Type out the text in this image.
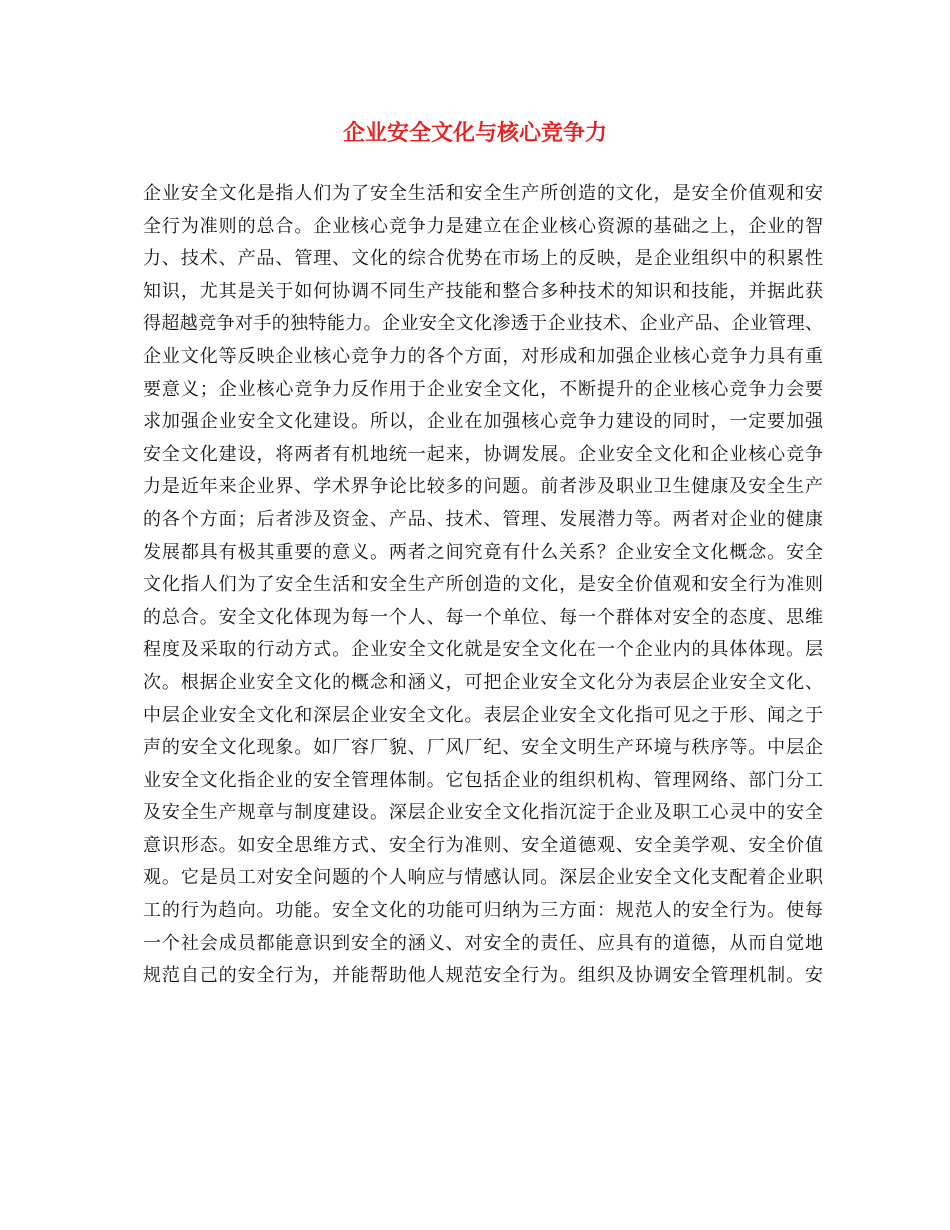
企业安全文化与核心竞争力
企业安全文化是指人们为了安全生活和安全生产所创造的文化，是安全价值观和安
全行为准则的总合。企业核心竞争力是建立在企业核心资源的基础之上，企业的智
力、技术、产品、管理、文化的综合优势在市场上的反映，是企业组织中的积累性
知识，尤其是关于如何协调不同生产技能和整合多种技术的知识和技能，并据此获
得超越竞争对手的独特能力。企业安全文化渗透于企业技术、企业产品、企业管理、
企业文化等反映企业核心竞争力的各个方面，对形成和加强企业核心竞争力具有重
要意义；企业核心竞争力反作用于企业安全文化，不断提升的企业核心竞争力会要
求加强企业安全文化建设。所以，企业在加强核心竞争力建设的同时，一定要加强
安全文化建设，将两者有机地统一起来，协调发展。企业安全文化和企业核心竞争
力是近年来企业界、学术界争论比较多的问题。前者涉及职业卫生健康及安全生产
的各个方面；后者涉及资金、产品、技术、管理、发展潜力等。两者对企业的健康
发展都具有极其重要的意义。两者之间究竟有什么关系？企业安全文化概念。安全
文化指人们为了安全生活和安全生产所创造的文化，是安全价值观和安全行为准则
的总合。安全文化体现为每一个人、每一个单位、每一个群体对安全的态度、思维
程度及采取的行动方式。企业安全文化就是安全文化在一个企业内的具体体现。层
次。根据企业安全文化的概念和涵义，可把企业安全文化分为表层企业安全文化、
中层企业安全文化和深层企业安全文化。表层企业安全文化指可见之于形、闻之于
声的安全文化现象。如厂容厂貌、厂风厂纪、安全文明生产环境与秩序等。中层企
业安全文化指企业的安全管理体制。它包括企业的组织机构、管理网络、部门分工
及安全生产规章与制度建设。深层企业安全文化指沉淀于企业及职工心灵中的安全
意识形态。如安全思维方式、安全行为准则、安全道德观、安全美学观、安全价值
观。它是员工对安全问题的个人响应与情感认同。深层企业安全文化支配着企业职
工的行为趋向。功能。安全文化的功能可归纳为三方面：规范人的安全行为。使每
一个社会成员都能意识到安全的涵义、对安全的责任、应具有的道德，从而自觉地
规范自己的安全行为，并能帮助他人规范安全行为。组织及协调安全管理机制。安
